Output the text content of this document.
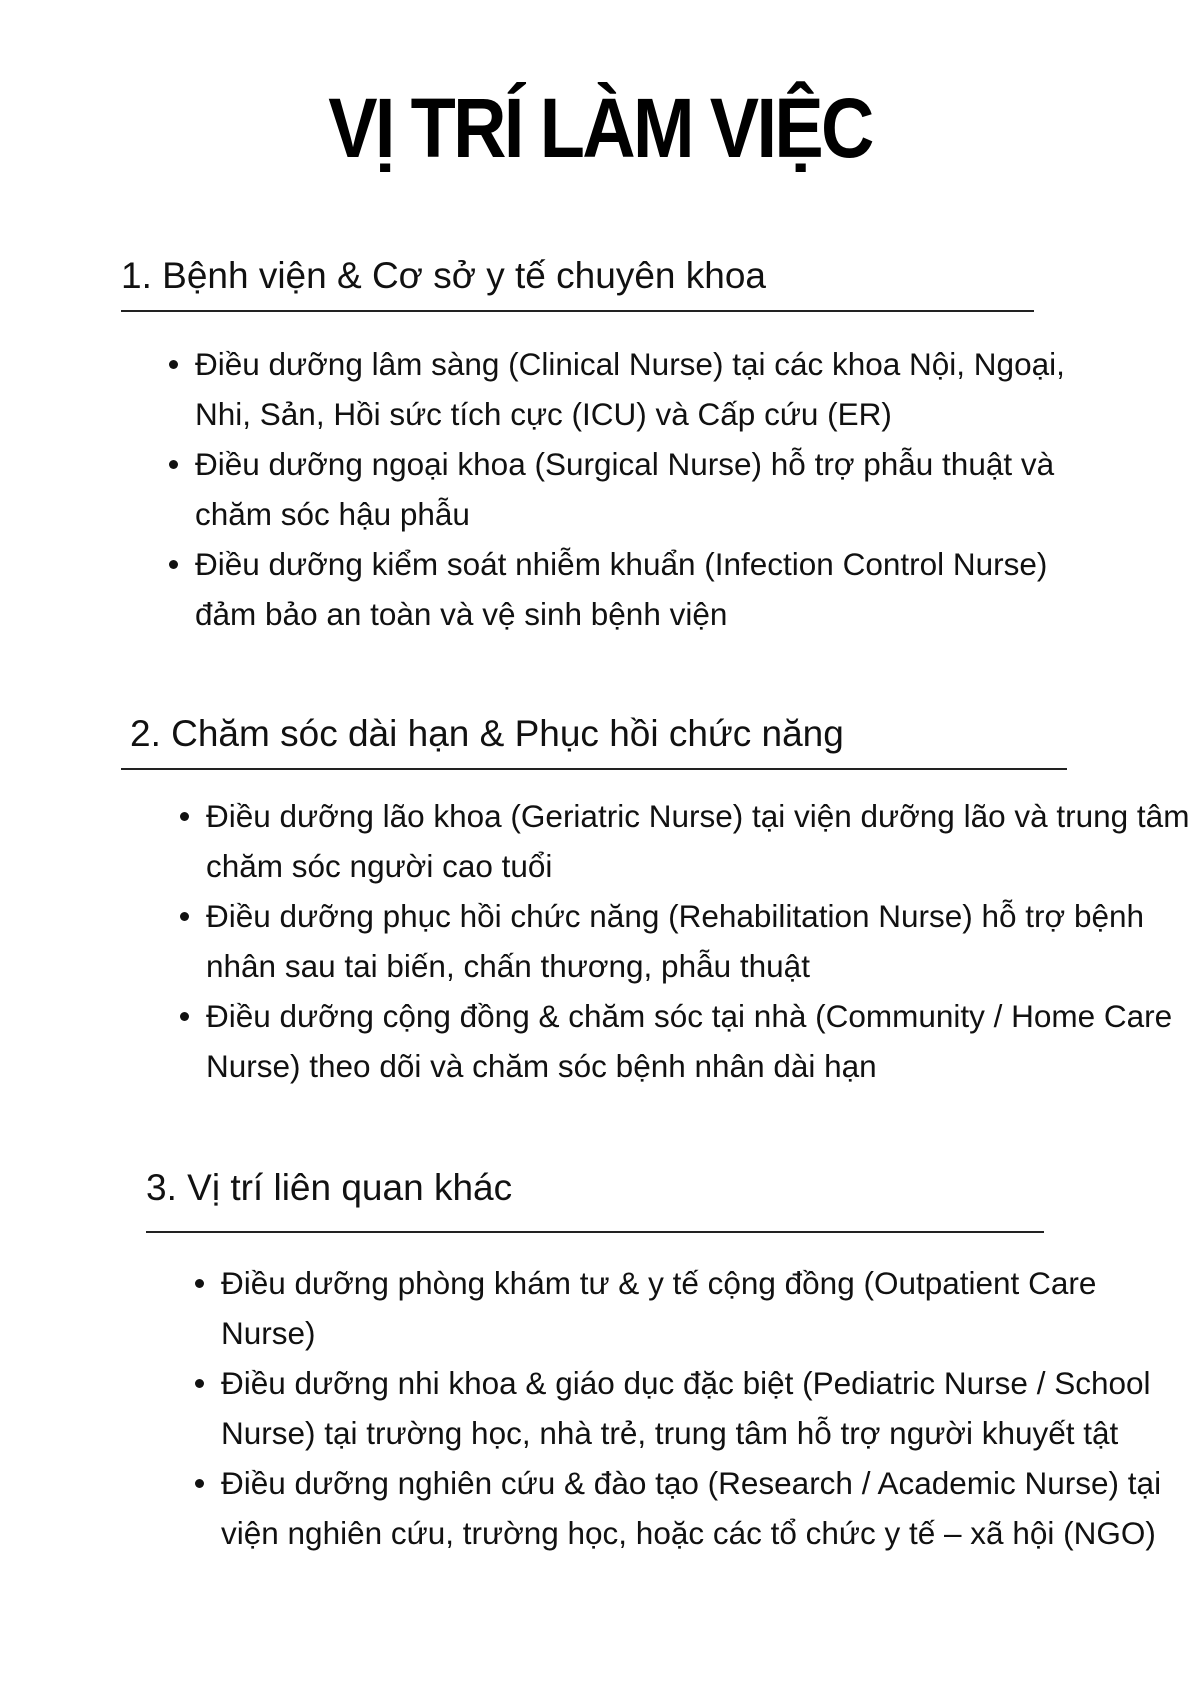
VỊ TRÍ LÀM VIỆC
1. Bệnh viện & Cơ sở y tế chuyên khoa
Điều dưỡng lâm sàng (Clinical Nurse) tại các khoa Nội, Ngoại, Nhi, Sản, Hồi sức tích cực (ICU) và Cấp cứu (ER)
Điều dưỡng ngoại khoa (Surgical Nurse) hỗ trợ phẫu thuật và chăm sóc hậu phẫu
Điều dưỡng kiểm soát nhiễm khuẩn (Infection Control Nurse) đảm bảo an toàn và vệ sinh bệnh viện
2. Chăm sóc dài hạn & Phục hồi chức năng
Điều dưỡng lão khoa (Geriatric Nurse) tại viện dưỡng lão và trung tâm chăm sóc người cao tuổi
Điều dưỡng phục hồi chức năng (Rehabilitation Nurse) hỗ trợ bệnh nhân sau tai biến, chấn thương, phẫu thuật
Điều dưỡng cộng đồng & chăm sóc tại nhà (Community / Home Care Nurse) theo dõi và chăm sóc bệnh nhân dài hạn
3. Vị trí liên quan khác
Điều dưỡng phòng khám tư & y tế cộng đồng (Outpatient Care Nurse)
Điều dưỡng nhi khoa & giáo dục đặc biệt (Pediatric Nurse / School Nurse) tại trường học, nhà trẻ, trung tâm hỗ trợ người khuyết tật
Điều dưỡng nghiên cứu & đào tạo (Research / Academic Nurse) tại viện nghiên cứu, trường học, hoặc các tổ chức y tế – xã hội (NGO)
